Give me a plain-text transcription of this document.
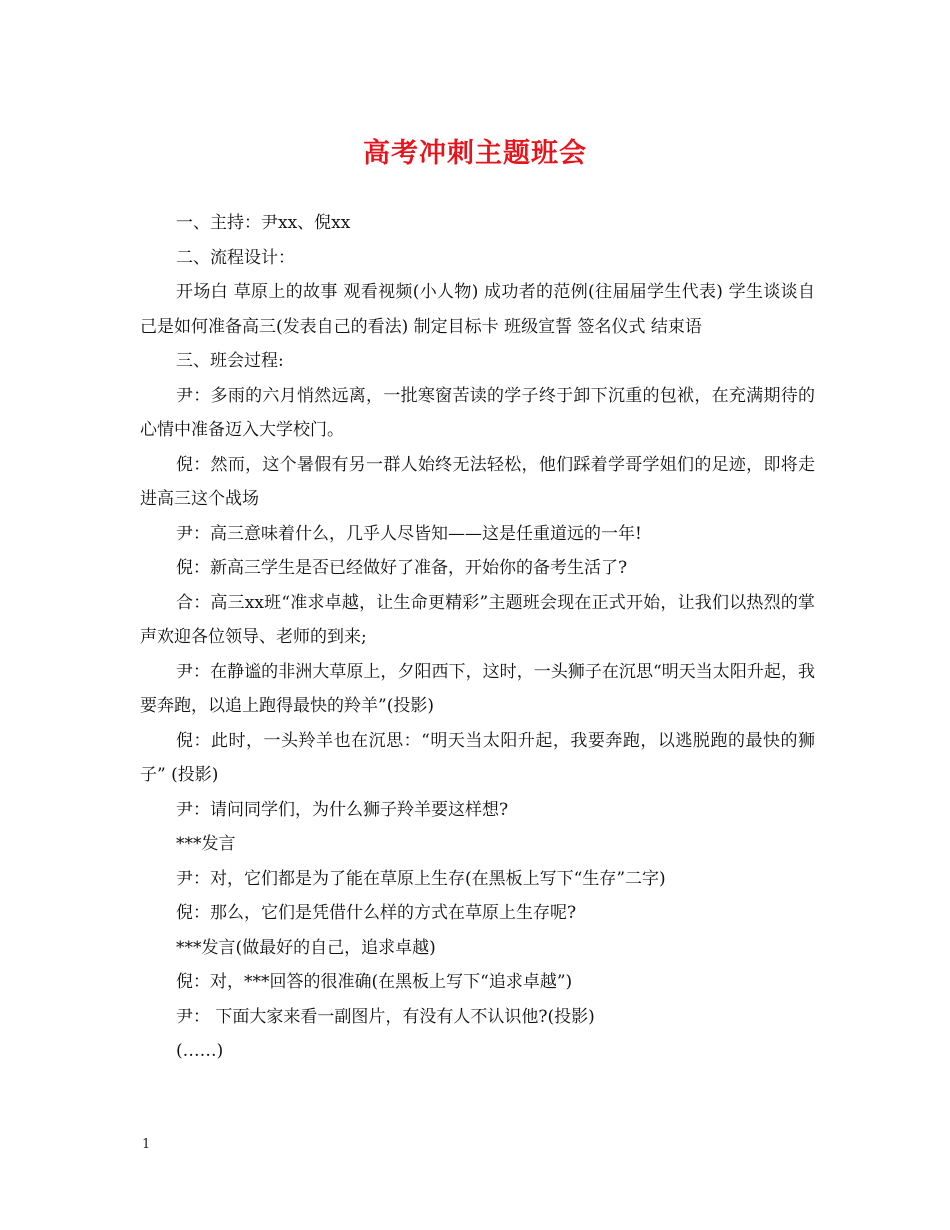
高考冲刺主题班会

一、主持：尹xx、倪xx

二、流程设计：

开场白 草原上的故事 观看视频(小人物) 成功者的范例(往届届学生代表) 学生谈谈自己是如何准备高三(发表自己的看法) 制定目标卡 班级宣誓 签名仪式 结束语

三、班会过程:

尹：多雨的六月悄然远离，一批寒窗苦读的学子终于卸下沉重的包袱，在充满期待的心情中准备迈入大学校门。

倪：然而，这个暑假有另一群人始终无法轻松，他们踩着学哥学姐们的足迹，即将走进高三这个战场

尹：高三意味着什么，几乎人尽皆知——这是任重道远的一年!

倪：新高三学生是否已经做好了准备，开始你的备考生活了?

合：高三xx班“准求卓越，让生命更精彩”主题班会现在正式开始，让我们以热烈的掌声欢迎各位领导、老师的到来;

尹：在静谧的非洲大草原上，夕阳西下，这时，一头狮子在沉思“明天当太阳升起，我要奔跑，以追上跑得最快的羚羊”(投影)

倪：此时，一头羚羊也在沉思：“明天当太阳升起，我要奔跑，以逃脱跑的最快的狮子” (投影)

尹：请问同学们，为什么狮子羚羊要这样想?

***发言

尹：对，它们都是为了能在草原上生存(在黑板上写下“生存”二字)

倪：那么，它们是凭借什么样的方式在草原上生存呢?

***发言(做最好的自己，追求卓越)

倪：对，***回答的很准确(在黑板上写下“追求卓越”)

尹： 下面大家来看一副图片，有没有人不认识他?(投影)

(……)

1
